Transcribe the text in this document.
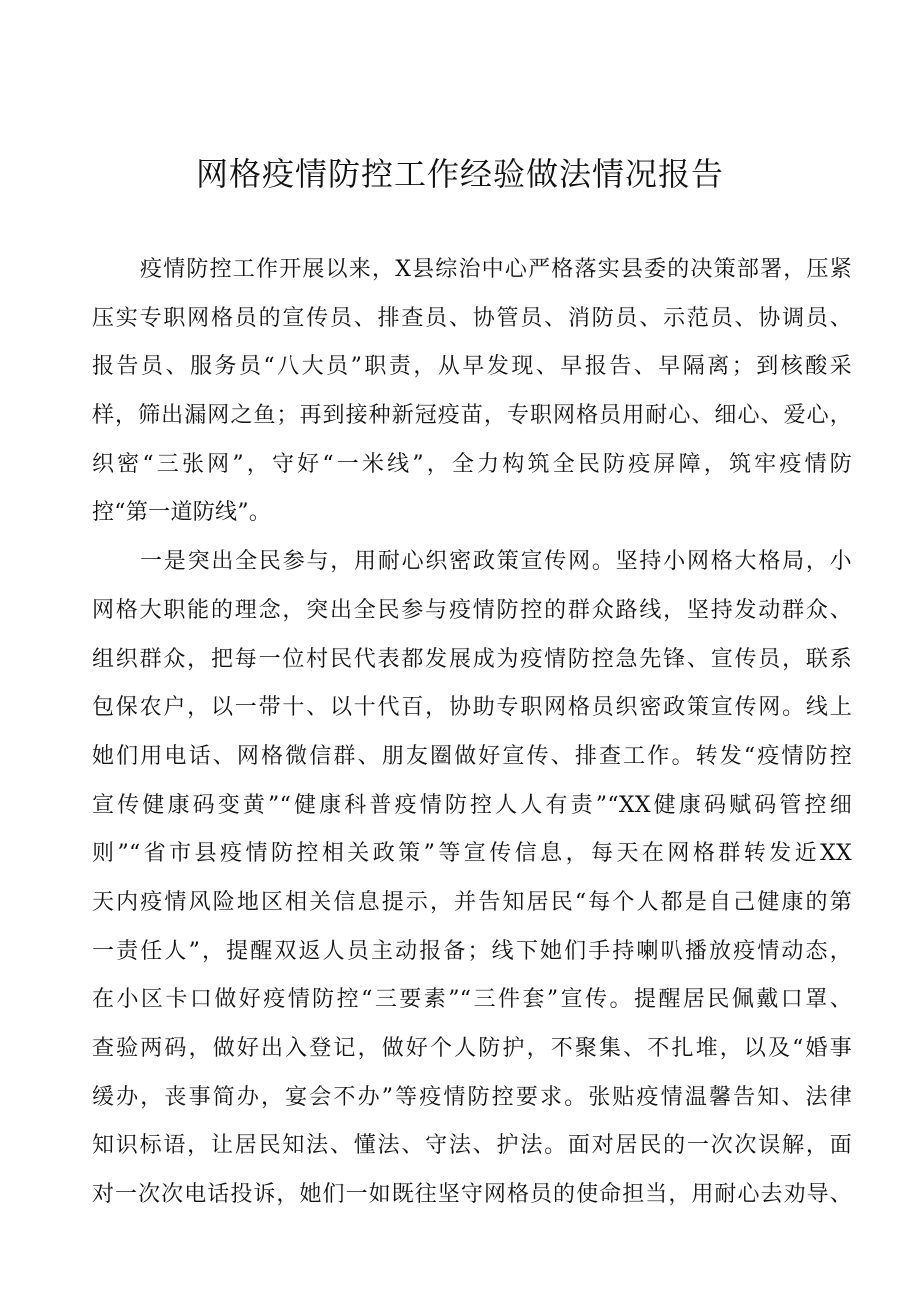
网格疫情防控工作经验做法情况报告
疫情防控工作开展以来，X县综治中心严格落实县委的决策部署，压紧
压实专职网格员的宣传员、排查员、协管员、消防员、示范员、协调员、
报告员、服务员“八大员”职责，从早发现、早报告、早隔离；到核酸采
样，筛出漏网之鱼；再到接种新冠疫苗，专职网格员用耐心、细心、爱心，
织密“三张网”，守好“一米线”，全力构筑全民防疫屏障，筑牢疫情防
控“第一道防线”。
一是突出全民参与，用耐心织密政策宣传网。坚持小网格大格局，小
网格大职能的理念，突出全民参与疫情防控的群众路线，坚持发动群众、
组织群众，把每一位村民代表都发展成为疫情防控急先锋、宣传员，联系
包保农户，以一带十、以十代百，协助专职网格员织密政策宣传网。线上
她们用电话、网格微信群、朋友圈做好宣传、排查工作。转发“疫情防控
宣传健康码变黄”“健康科普疫情防控人人有责”“XX健康码赋码管控细
则”“省市县疫情防控相关政策”等宣传信息，每天在网格群转发近XX
天内疫情风险地区相关信息提示，并告知居民“每个人都是自己健康的第
一责任人”，提醒双返人员主动报备；线下她们手持喇叭播放疫情动态，
在小区卡口做好疫情防控“三要素”“三件套”宣传。提醒居民佩戴口罩、
查验两码，做好出入登记，做好个人防护，不聚集、不扎堆，以及“婚事
缓办，丧事简办，宴会不办”等疫情防控要求。张贴疫情温馨告知、法律
知识标语，让居民知法、懂法、守法、护法。面对居民的一次次误解，面
对一次次电话投诉，她们一如既往坚守网格员的使命担当，用耐心去劝导、
